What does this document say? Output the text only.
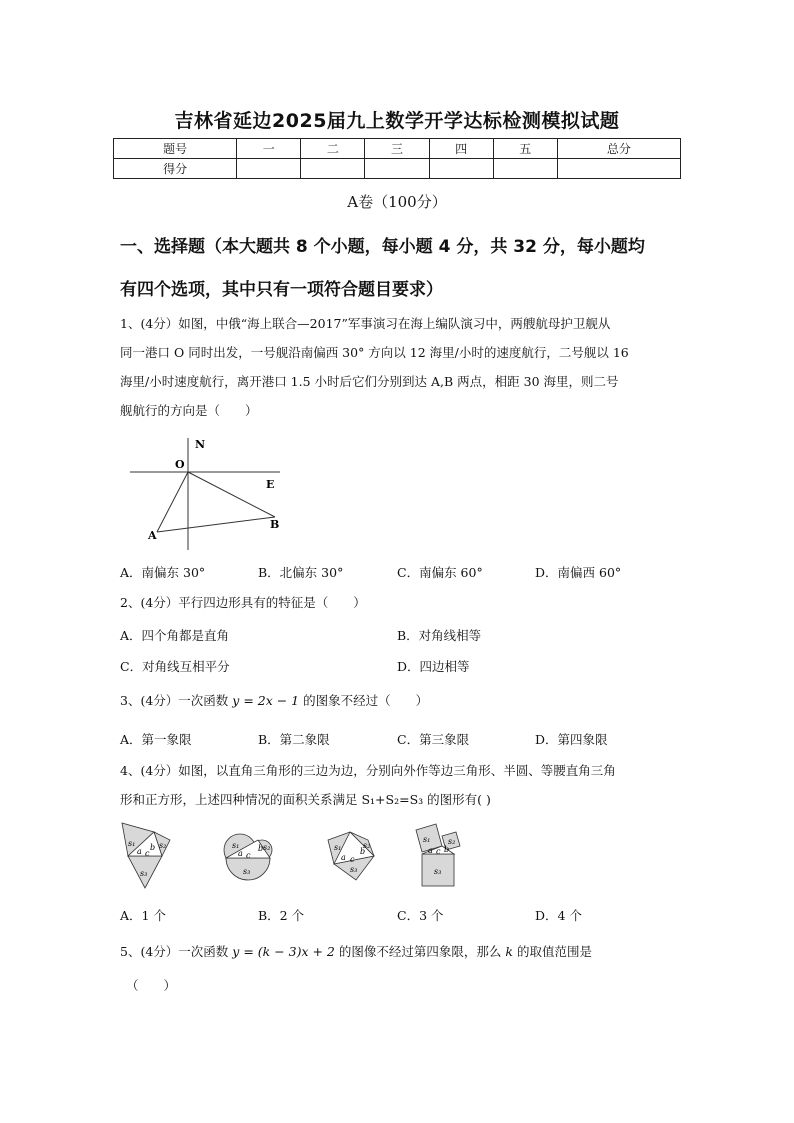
吉林省延边2025届九上数学开学达标检测模拟试题
题号	一	二	三	四	五	总分
得分						
A卷（100分）
一、选择题（本大题共 8 个小题，每小题 4 分，共 32 分，每小题均
有四个选项，其中只有一项符合题目要求）
1、(4分）如图，中俄“海上联合—2017”军事演习在海上编队演习中，两艘航母护卫舰从
同一港口 O 同时出发，一号舰沿南偏西 30° 方向以 12 海里/小时的速度航行，二号舰以 16
海里/小时速度航行，离开港口 1.5 小时后它们分别到达 A,B 两点，相距 30 海里，则二号
舰航行的方向是（　　）
N
O
E
A
B
A．南偏东 30°	B．北偏东 30°	C．南偏东 60°	D．南偏西 60°
2、(4分）平行四边形具有的特征是（　　）
A．四个角都是直角	B．对角线相等
C．对角线互相平分	D．四边相等
3、(4分）一次函数 y = 2x − 1 的图象不经过（　　）
A．第一象限	B．第二象限	C．第三象限	D．第四象限
4、(4分）如图，以直角三角形的三边为边，分别向外作等边三角形、半圆、等腰直角三角
形和正方形，上述四种情况的面积关系满足 S₁+S₂=S₃ 的图形有( )
s₁	s₂
s₃
a c
b	s₁	s₂
s₃
a c
b	s₁	s₂
s₃
a c
b
s₁ s₂
s₃
a c b
A．1 个	B．2 个	C．3 个	D．4 个
5、(4分）一次函数 y = (k − 3)x + 2 的图像不经过第四象限，那么 k 的取值范围是
（　　）
